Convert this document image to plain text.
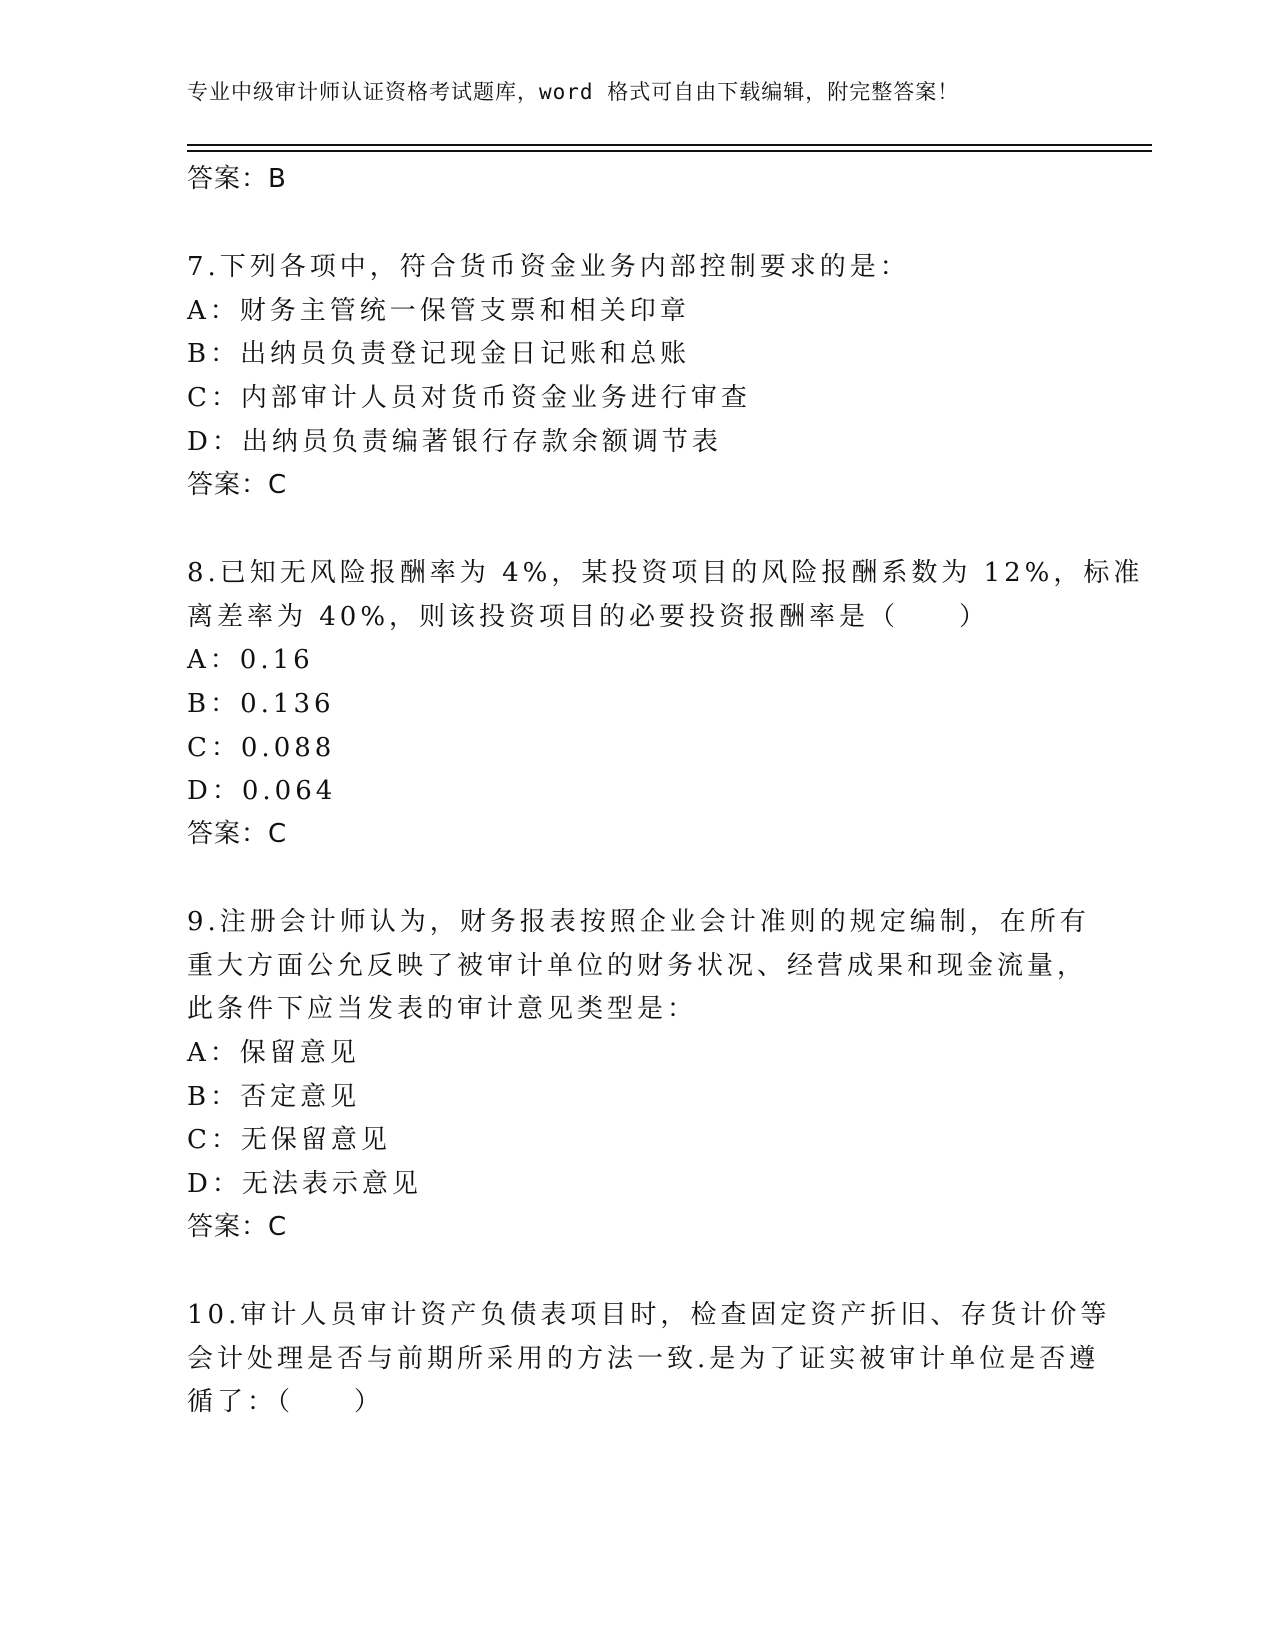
专业中级审计师认证资格考试题库，word 格式可自由下载编辑，附完整答案！
答案：B
7.下列各项中，符合货币资金业务内部控制要求的是：
A：财务主管统一保管支票和相关印章
B：出纳员负责登记现金日记账和总账
C：内部审计人员对货币资金业务进行审查
D：出纳员负责编著银行存款余额调节表
答案：C
8.已知无风险报酬率为 4%，某投资项目的风险报酬系数为 12%，标准
离差率为 40%，则该投资项目的必要投资报酬率是（　　）
A：0.16
B：0.136
C：0.088
D：0.064
答案：C
9.注册会计师认为，财务报表按照企业会计准则的规定编制，在所有
重大方面公允反映了被审计单位的财务状况、经营成果和现金流量，
此条件下应当发表的审计意见类型是：
A：保留意见
B：否定意见
C：无保留意见
D：无法表示意见
答案：C
10.审计人员审计资产负债表项目时，检查固定资产折旧、存货计价等
会计处理是否与前期所采用的方法一致.是为了证实被审计单位是否遵
循了：（　　）
